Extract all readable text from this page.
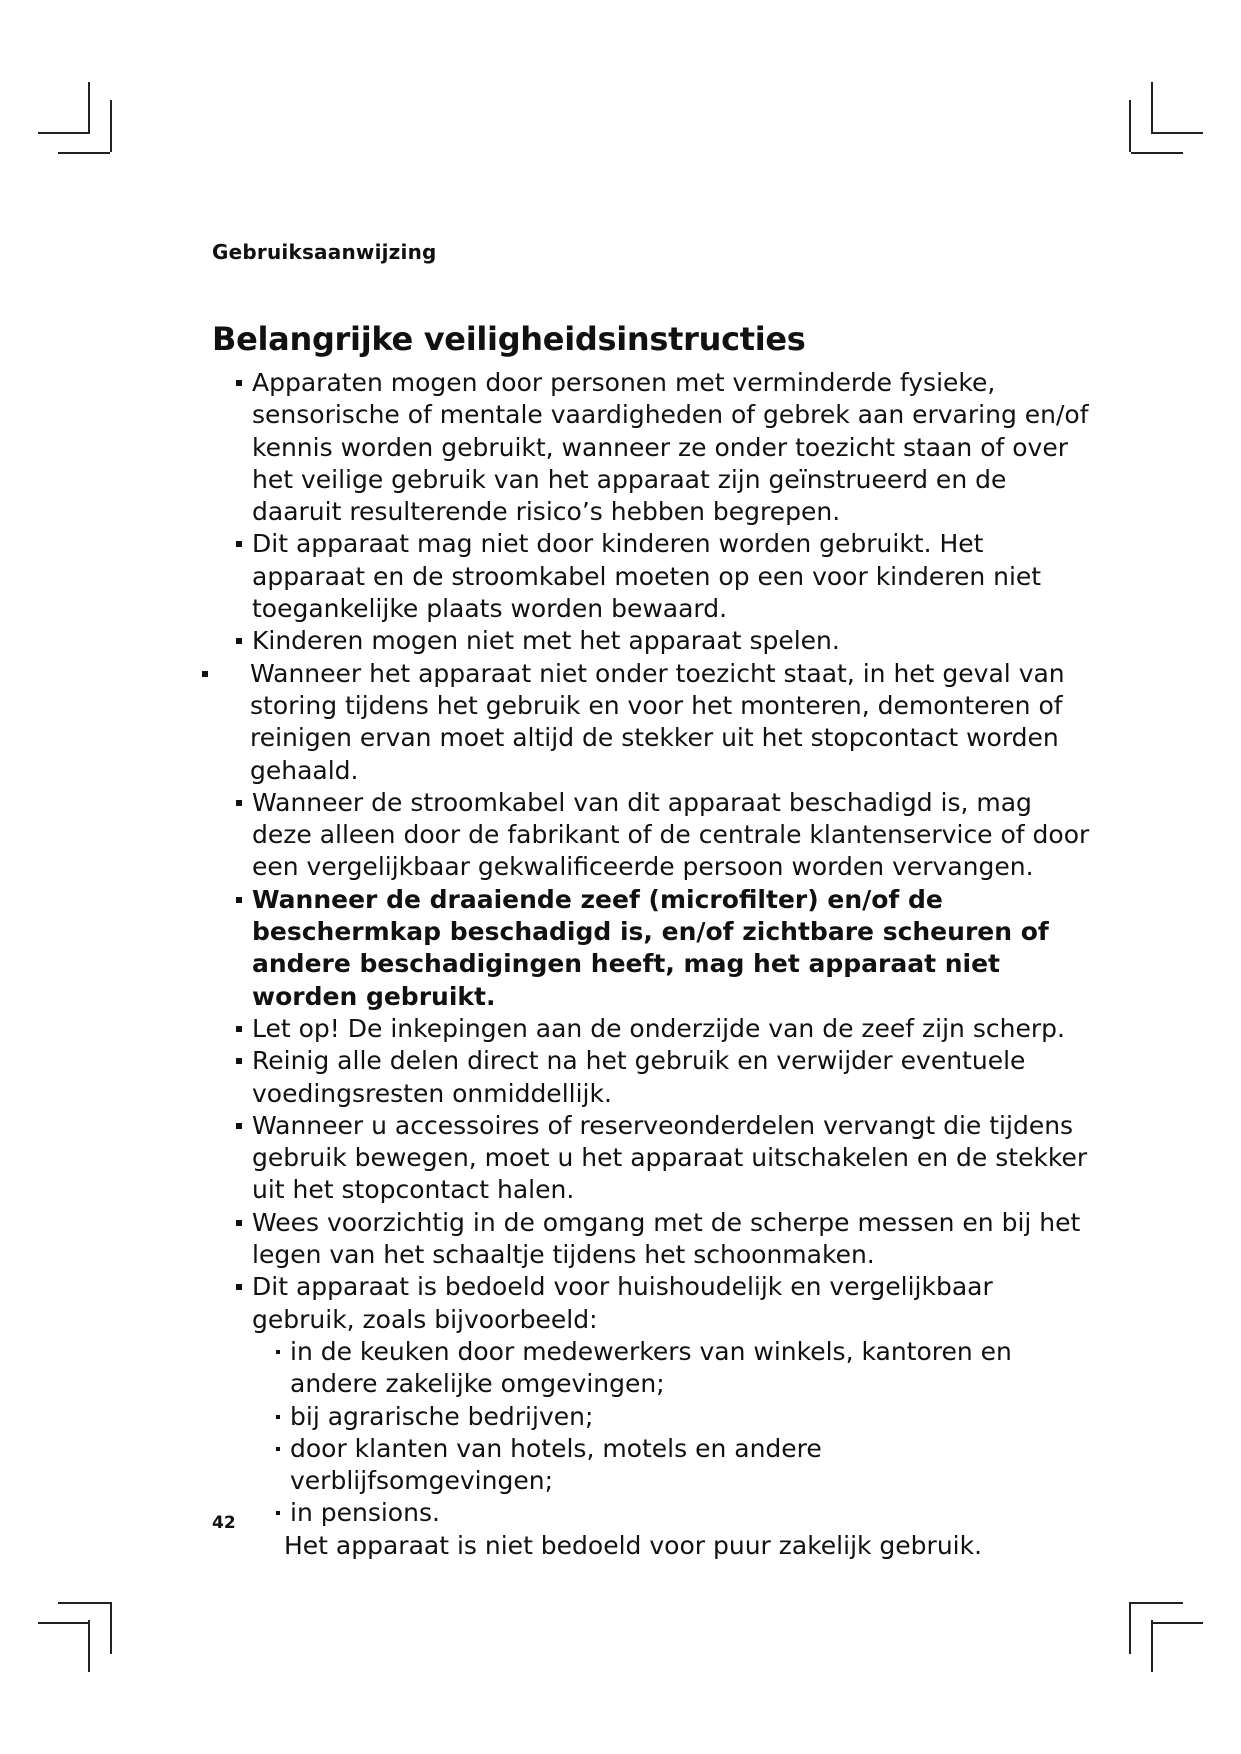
Gebruiksaanwijzing
Belangrijke veiligheidsinstructies
Apparaten mogen door personen met verminderde fysieke, sensorische of mentale vaardigheden of gebrek aan ervaring en/of kennis worden gebruikt, wanneer ze onder toezicht staan of over het veilige gebruik van het apparaat zijn geïnstrueerd en de daaruit resulterende risico’s hebben begrepen.
Dit apparaat mag niet door kinderen worden gebruikt. Het apparaat en de stroomkabel moeten op een voor kinderen niet toegankelijke plaats worden bewaard.
Kinderen mogen niet met het apparaat spelen.
Wanneer het apparaat niet onder toezicht staat, in het geval van storing tijdens het gebruik en voor het monteren, demonteren of reinigen ervan moet altijd de stekker uit het stopcontact worden gehaald.
Wanneer de stroomkabel van dit apparaat beschadigd is, mag deze alleen door de fabrikant of de centrale klantenservice of door een vergelijkbaar gekwalificeerde persoon worden vervangen.
Wanneer de draaiende zeef (microfilter) en/of de beschermkap beschadigd is, en/of zichtbare scheuren of andere beschadigingen heeft, mag het apparaat niet worden gebruikt.
Let op! De inkepingen aan de onderzijde van de zeef zijn scherp.
Reinig alle delen direct na het gebruik en verwijder eventuele voedingsresten onmiddellijk.
Wanneer u accessoires of reserveonderdelen vervangt die tijdens gebruik bewegen, moet u het apparaat uitschakelen en de stekker uit het stopcontact halen.
Wees voorzichtig in de omgang met de scherpe messen en bij het legen van het schaaltje tijdens het schoonmaken.
Dit apparaat is bedoeld voor huishoudelijk en vergelijkbaar gebruik, zoals bijvoorbeeld:
in de keuken door medewerkers van winkels, kantoren en andere zakelijke omgevingen;
bij agrarische bedrijven;
door klanten van hotels, motels en andere verblijfsomgevingen;
in pensions.
Het apparaat is niet bedoeld voor puur zakelijk gebruik.
42
